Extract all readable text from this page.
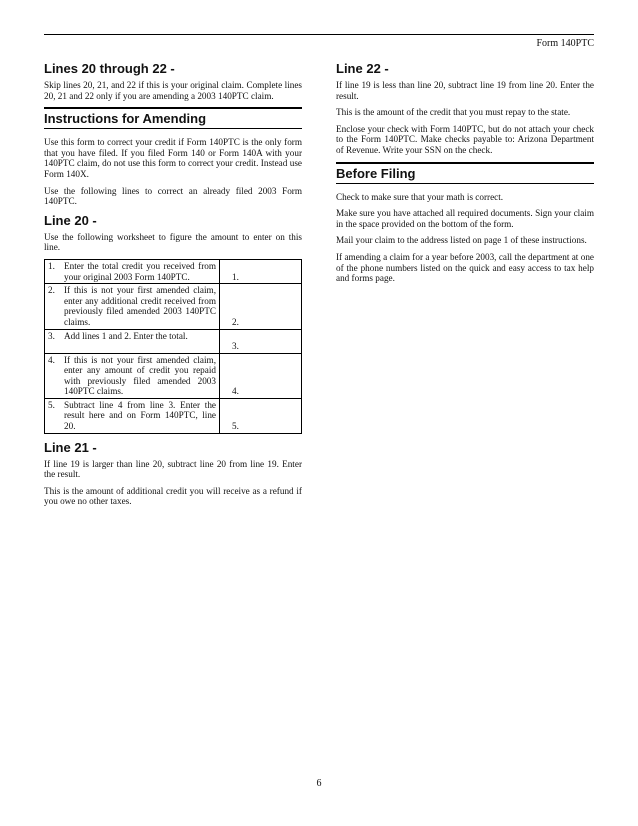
Form 140PTC
Lines 20 through 22 -

Skip lines 20, 21, and 22 if this is your original claim. Complete lines 20, 21 and 22 only if you are amending a 2003 140PTC claim.

Instructions for Amending

Use this form to correct your credit if Form 140PTC is the only form that you have filed. If you filed Form 140 or Form 140A with your 140PTC claim, do not use this form to correct your credit. Instead use Form 140X.

Use the following lines to correct an already filed 2003 Form 140PTC.

Line 20 -

Use the following worksheet to figure the amount to enter on this line.

1. Enter the total credit you received from your original 2003 Form 140PTC.	1.

2. If this is not your first amended claim, enter any additional credit received from previously filed amended 2003 140PTC claims.	2.

3. Add lines 1 and 2. Enter the total.	3.

4. If this is not your first amended claim, enter any amount of credit you repaid with previously filed amended 2003 140PTC claims.	4.

5. Subtract line 4 from line 3. Enter the result here and on Form 140PTC, line 20.	5.
Line 21 -

If line 19 is larger than line 20, subtract line 20 from line 19. Enter the result.

This is the amount of additional credit you will receive as a refund if you owe no other taxes.

Line 22 -

If line 19 is less than line 20, subtract line 19 from line 20. Enter the result.

This is the amount of the credit that you must repay to the state.

Enclose your check with Form 140PTC, but do not attach your check to the Form 140PTC. Make checks payable to: Arizona Department of Revenue. Write your SSN on the check.

Before Filing

Check to make sure that your math is correct.

Make sure you have attached all required documents. Sign your claim in the space provided on the bottom of the form.

Mail your claim to the address listed on page 1 of these instructions.

If amending a claim for a year before 2003, call the department at one of the phone numbers listed on the quick and easy access to tax help and forms page.

6
